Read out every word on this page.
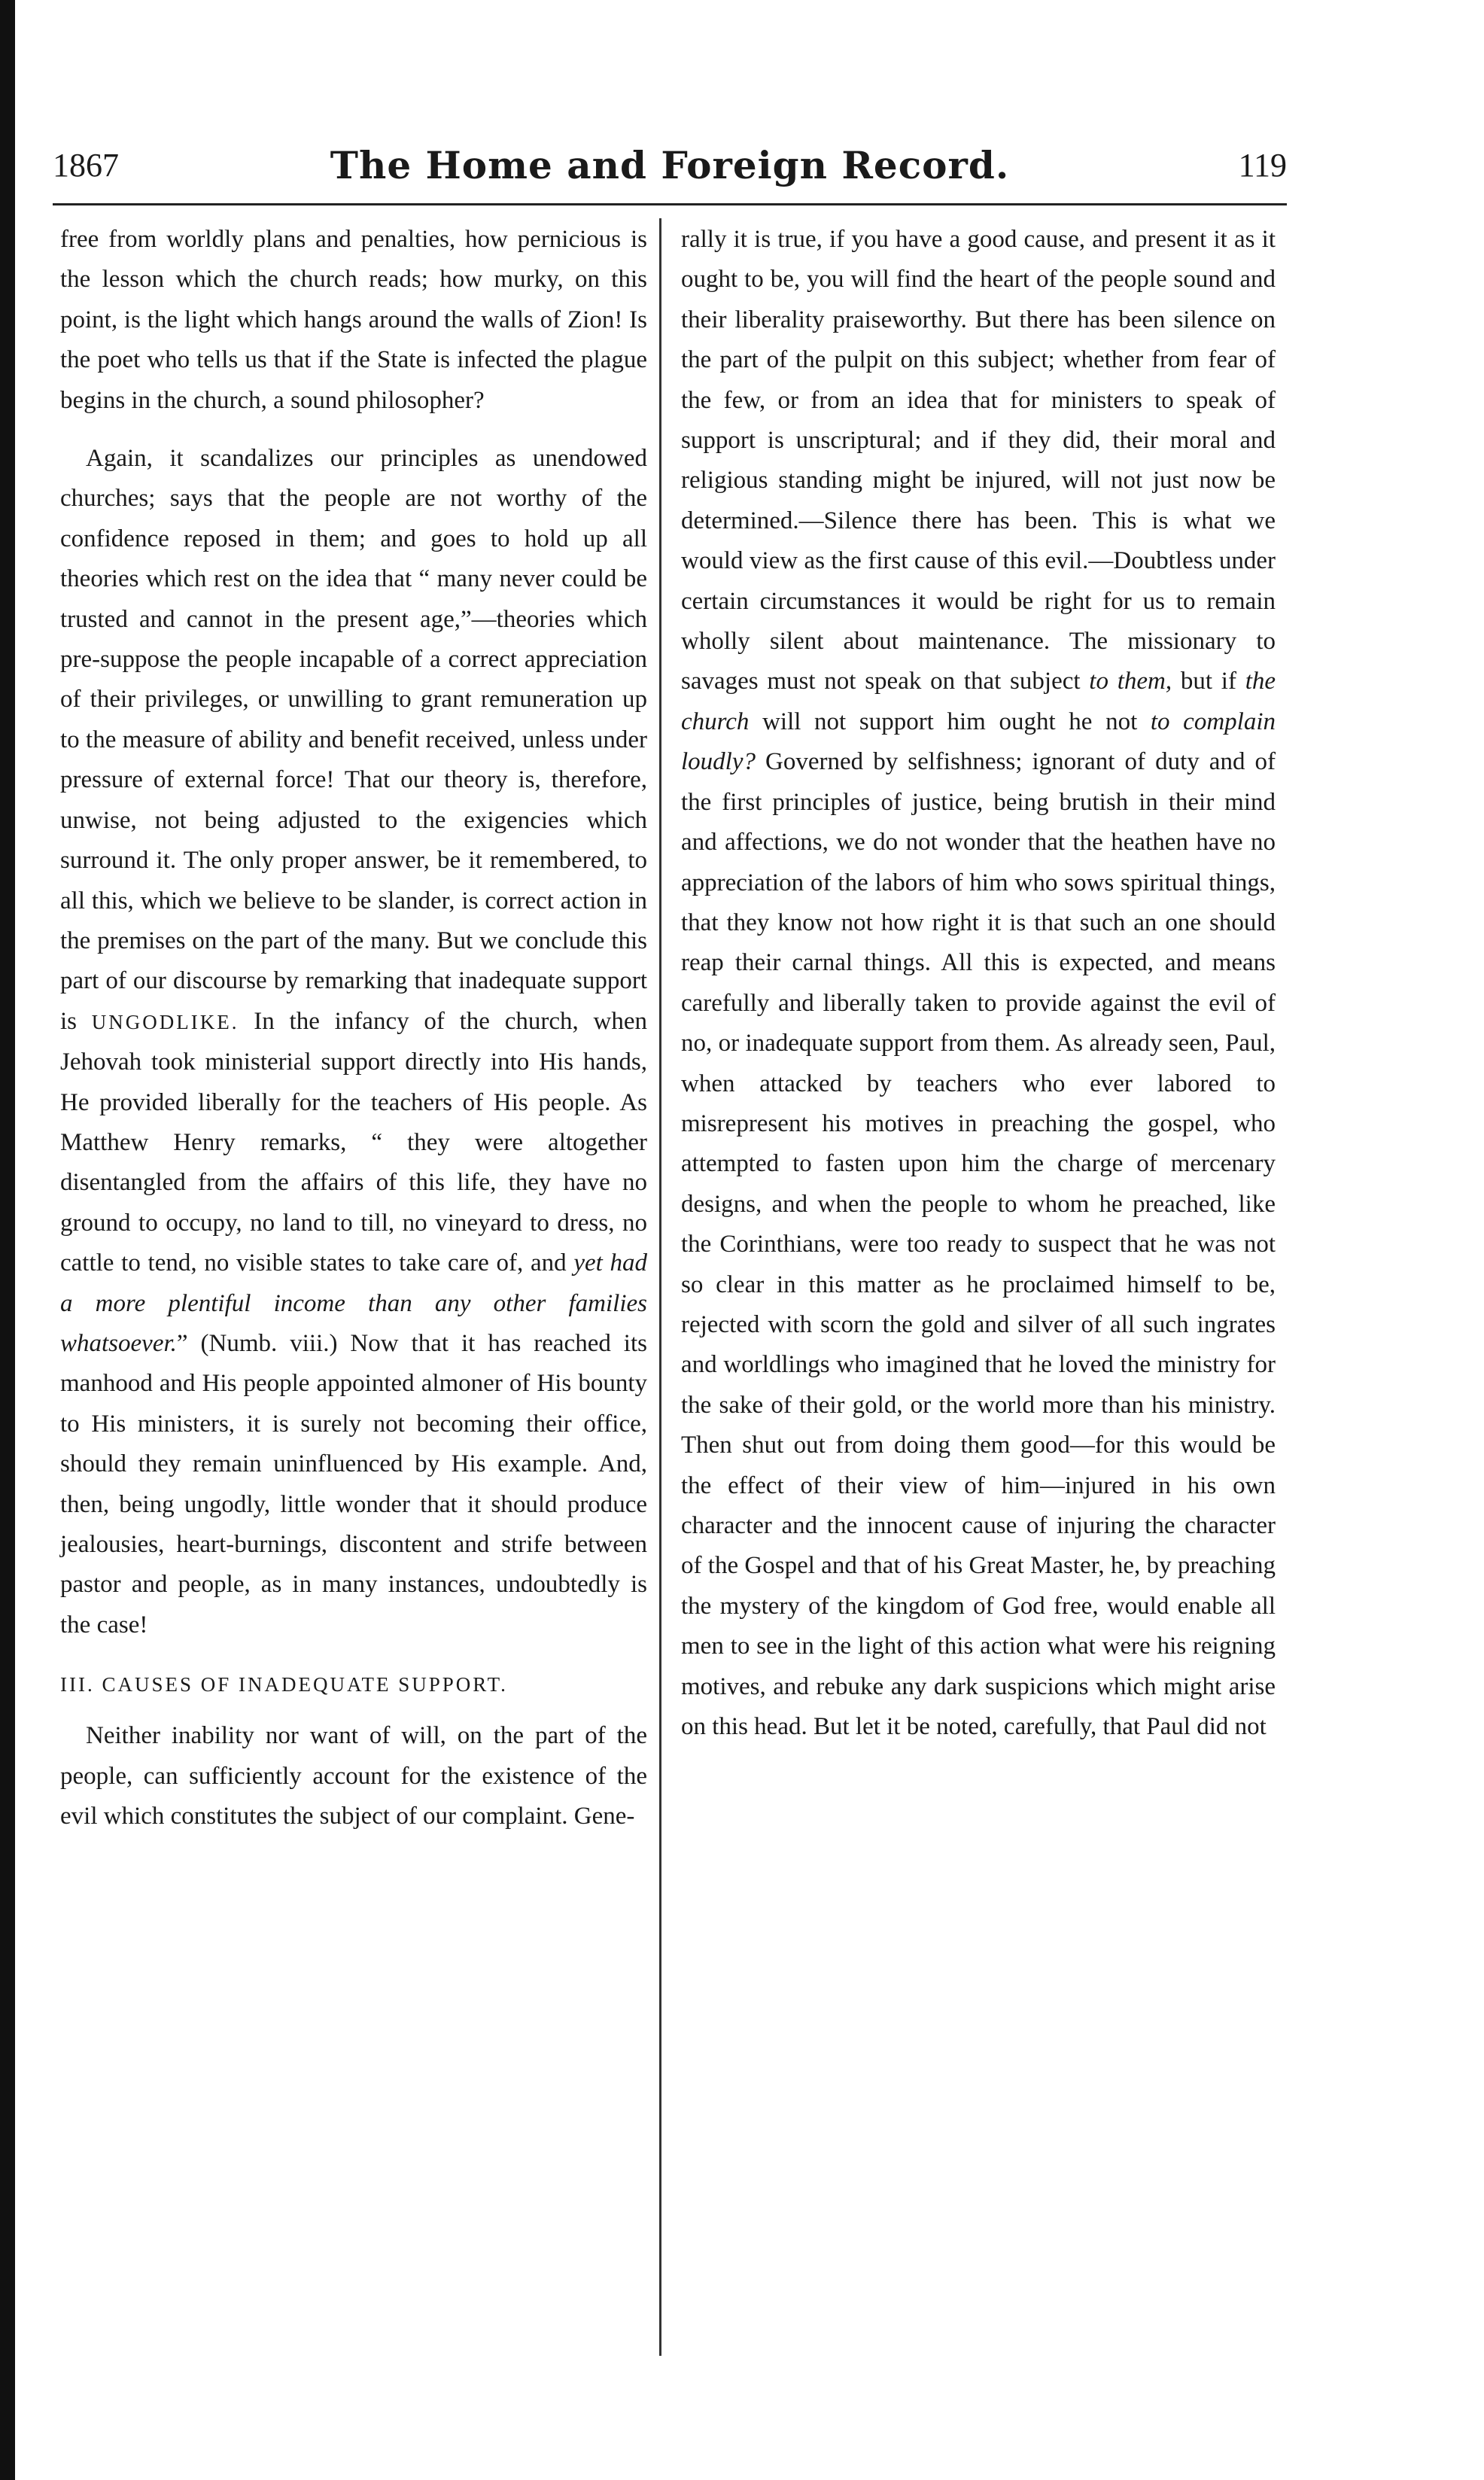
1867	The Home and Foreign Record.	119

free from worldly plans and penalties, how pernicious is the lesson which the church reads; how murky, on this point, is the light which hangs around the walls of Zion! Is the poet who tells us that if the State is infected the plague begins in the church, a sound philosopher?

Again, it scandalizes our principles as unendowed churches; says that the people are not worthy of the confidence reposed in them; and goes to hold up all theories which rest on the idea that “ many never could be trusted and cannot in the present age,”—theories which pre-suppose the people incapable of a correct appreciation of their privileges, or unwilling to grant remuneration up to the measure of ability and benefit received, unless under pressure of external force! That our theory is, therefore, unwise, not being adjusted to the exigencies which surround it. The only proper answer, be it remembered, to all this, which we believe to be slander, is correct action in the premises on the part of the many. But we conclude this part of our discourse by remarking that inadequate support is UNGODLIKE. In the infancy of the church, when Jehovah took ministerial support directly into His hands, He provided liberally for the teachers of His people. As Matthew Henry remarks, “ they were altogether disentangled from the affairs of this life, they have no ground to occupy, no land to till, no vineyard to dress, no cattle to tend, no visible states to take care of, and yet had a more plentiful income than any other families whatsoever.” (Numb. viii.) Now that it has reached its manhood and His people appointed almoner of His bounty to His ministers, it is surely not becoming their office, should they remain uninfluenced by His example. And, then, being ungodly, little wonder that it should produce jealousies, heart-burnings, discontent and strife between pastor and people, as in many instances, undoubtedly is the case!

III. CAUSES OF INADEQUATE SUPPORT.

Neither inability nor want of will, on the part of the people, can sufficiently account for the existence of the evil which constitutes the subject of our complaint. Gene-

rally it is true, if you have a good cause, and present it as it ought to be, you will find the heart of the people sound and their liberality praiseworthy. But there has been silence on the part of the pulpit on this subject; whether from fear of the few, or from an idea that for ministers to speak of support is unscriptural; and if they did, their moral and religious standing might be injured, will not just now be determined.—Silence there has been. This is what we would view as the first cause of this evil.—Doubtless under certain circumstances it would be right for us to remain wholly silent about maintenance. The missionary to savages must not speak on that subject to them, but if the church will not support him ought he not to complain loudly? Governed by selfishness; ignorant of duty and of the first principles of justice, being brutish in their mind and affections, we do not wonder that the heathen have no appreciation of the labors of him who sows spiritual things, that they know not how right it is that such an one should reap their carnal things. All this is expected, and means carefully and liberally taken to provide against the evil of no, or inadequate support from them. As already seen, Paul, when attacked by teachers who ever labored to misrepresent his motives in preaching the gospel, who attempted to fasten upon him the charge of mercenary designs, and when the people to whom he preached, like the Corinthians, were too ready to suspect that he was not so clear in this matter as he proclaimed himself to be, rejected with scorn the gold and silver of all such ingrates and worldlings who imagined that he loved the ministry for the sake of their gold, or the world more than his ministry. Then shut out from doing them good—for this would be the effect of their view of him—injured in his own character and the innocent cause of injuring the character of the Gospel and that of his Great Master, he, by preaching the mystery of the kingdom of God free, would enable all men to see in the light of this action what were his reigning motives, and rebuke any dark suspicions which might arise on this head. But let it be noted, carefully, that Paul did not
